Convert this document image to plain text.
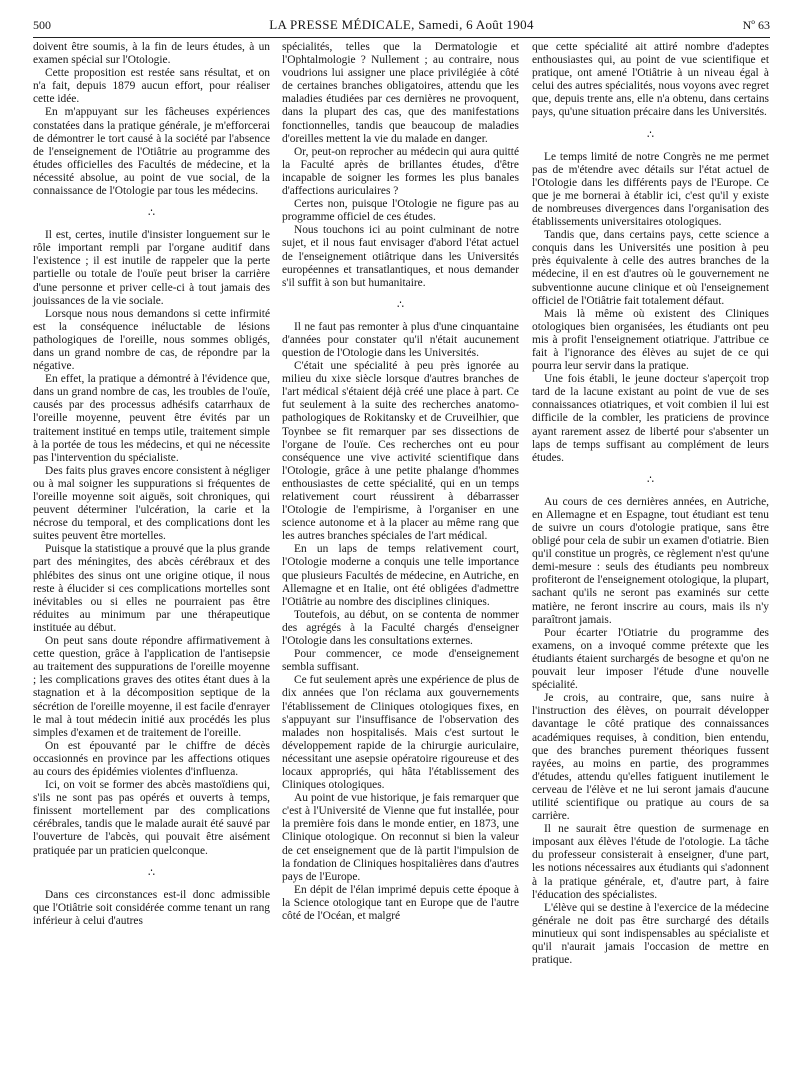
500	LA PRESSE MÉDICALE, Samedi, 6 Août 1904	Nº 63

doivent être soumis, à la fin de leurs études, à un examen spécial sur l'Otologie.

Cette proposition est restée sans résultat, et on n'a fait, depuis 1879 aucun effort, pour réaliser cette idée.

En m'appuyant sur les fâcheuses expériences constatées dans la pratique générale, je m'efforcerai de démontrer le tort causé à la société par l'absence de l'enseignement de l'Otiâtrie au programme des études officielles des Facultés de médecine, et la nécessité absolue, au point de vue social, de la connaissance de l'Otologie par tous les médecins.

∴

Il est, certes, inutile d'insister longuement sur le rôle important rempli par l'organe auditif dans l'existence ; il est inutile de rappeler que la perte partielle ou totale de l'ouïe peut briser la carrière d'une personne et priver celle-ci à tout jamais des jouissances de la vie sociale.

Lorsque nous nous demandons si cette infirmité est la conséquence inéluctable de lésions pathologiques de l'oreille, nous sommes obligés, dans un grand nombre de cas, de répondre par la négative.

En effet, la pratique a démontré à l'évidence que, dans un grand nombre de cas, les troubles de l'ouïe, causés par des processus adhésifs catarrhaux de l'oreille moyenne, peuvent être évités par un traitement institué en temps utile, traitement simple à la portée de tous les médecins, et qui ne nécessite pas l'intervention du spécialiste.

Des faits plus graves encore consistent à négliger ou à mal soigner les suppurations si fréquentes de l'oreille moyenne soit aiguës, soit chroniques, qui peuvent déterminer l'ulcération, la carie et la nécrose du temporal, et des complications dont les suites peuvent être mortelles.

Puisque la statistique a prouvé que la plus grande part des méningites, des abcès cérébraux et des phlébites des sinus ont une origine otique, il nous reste à élucider si ces complications mortelles sont inévitables ou si elles ne pourraient pas être réduites au minimum par une thérapeutique instituée au début.

On peut sans doute répondre affirmativement à cette question, grâce à l'application de l'antisepsie au traitement des suppurations de l'oreille moyenne ; les complications graves des otites étant dues à la stagnation et à la décomposition septique de la sécrétion de l'oreille moyenne, il est facile d'enrayer le mal à tout médecin initié aux procédés les plus simples d'examen et de traitement de l'oreille.

On est épouvanté par le chiffre de décès occasionnés en province par les affections otiques au cours des épidémies violentes d'influenza.

Ici, on voit se former des abcès mastoïdiens qui, s'ils ne sont pas pas opérés et ouverts à temps, finissent mortellement par des complications cérébrales, tandis que le malade aurait été sauvé par l'ouverture de l'abcès, qui pouvait être aisément pratiquée par un praticien quelconque.

∴

Dans ces circonstances est-il donc admissible que l'Otiâtrie soit considérée comme tenant un rang inférieur à celui d'autres

spécialités, telles que la Dermatologie et l'Ophtalmologie ? Nullement ; au contraire, nous voudrions lui assigner une place privilégiée à côté de certaines branches obligatoires, attendu que les maladies étudiées par ces dernières ne provoquent, dans la plupart des cas, que des manifestations fonctionnelles, tandis que beaucoup de maladies d'oreilles mettent la vie du malade en danger.

Or, peut-on reprocher au médecin qui aura quitté la Faculté après de brillantes études, d'être incapable de soigner les formes les plus banales d'affections auriculaires ?

Certes non, puisque l'Otologie ne figure pas au programme officiel de ces études.

Nous touchons ici au point culminant de notre sujet, et il nous faut envisager d'abord l'état actuel de l'enseignement otiâtrique dans les Universités européennes et transatlantiques, et nous demander s'il suffit à son but humanitaire.

∴

Il ne faut pas remonter à plus d'une cinquantaine d'années pour constater qu'il n'était aucunement question de l'Otologie dans les Universités.

C'était une spécialité à peu près ignorée au milieu du xixe siècle lorsque d'autres branches de l'art médical s'étaient déjà créé une place à part. Ce fut seulement à la suite des recherches anatomo-pathologiques de Rokitansky et de Cruveilhier, que Toynbee se fit remarquer par ses dissections de l'organe de l'ouïe. Ces recherches ont eu pour conséquence une vive activité scientifique dans l'Otologie, grâce à une petite phalange d'hommes enthousiastes de cette spécialité, qui en un temps relativement court réussirent à débarrasser l'Otologie de l'empirisme, à l'organiser en une science autonome et à la placer au même rang que les autres branches spéciales de l'art médical.

En un laps de temps relativement court, l'Otologie moderne a conquis une telle importance que plusieurs Facultés de médecine, en Autriche, en Allemagne et en Italie, ont été obligées d'admettre l'Otiâtrie au nombre des disciplines cliniques.

Toutefois, au début, on se contenta de nommer des agrégés à la Faculté chargés d'enseigner l'Otologie dans les consultations externes.

Pour commencer, ce mode d'enseignement sembla suffisant.

Ce fut seulement après une expérience de plus de dix années que l'on réclama aux gouvernements l'établissement de Cliniques otologiques fixes, en s'appuyant sur l'insuffisance de l'observation des malades non hospitalisés. Mais c'est surtout le développement rapide de la chirurgie auriculaire, nécessitant une asepsie opératoire rigoureuse et des locaux appropriés, qui hâta l'établissement des Cliniques otologiques.

Au point de vue historique, je fais remarquer que c'est à l'Université de Vienne que fut installée, pour la première fois dans le monde entier, en 1873, une Clinique otologique. On reconnut si bien la valeur de cet enseignement que de là partit l'impulsion de la fondation de Cliniques hospitalières dans d'autres pays de l'Europe.

En dépit de l'élan imprimé depuis cette époque à la Science otologique tant en Europe que de l'autre côté de l'Océan, et malgré

que cette spécialité ait attiré nombre d'adeptes enthousiastes qui, au point de vue scientifique et pratique, ont amené l'Otiâtrie à un niveau égal à celui des autres spécialités, nous voyons avec regret que, depuis trente ans, elle n'a obtenu, dans certains pays, qu'une situation précaire dans les Universités.

∴

Le temps limité de notre Congrès ne me permet pas de m'étendre avec détails sur l'état actuel de l'Otologie dans les différents pays de l'Europe. Ce que je me bornerai à établir ici, c'est qu'il y existe de nombreuses divergences dans l'organisation des établissements universitaires otologiques.

Tandis que, dans certains pays, cette science a conquis dans les Universités une position à peu près équivalente à celle des autres branches de la médecine, il en est d'autres où le gouvernement ne subventionne aucune clinique et où l'enseignement officiel de l'Otiâtrie fait totalement défaut.

Mais là même où existent des Cliniques otologiques bien organisées, les étudiants ont peu mis à profit l'enseignement otiatrique. J'attribue ce fait à l'ignorance des élèves au sujet de ce qui pourra leur servir dans la pratique.

Une fois établi, le jeune docteur s'aperçoit trop tard de la lacune existant au point de vue de ses connaissances otiatriques, et voit combien il lui est difficile de la combler, les praticiens de province ayant rarement assez de liberté pour s'absenter un laps de temps suffisant au complément de leurs études.

∴

Au cours de ces dernières années, en Autriche, en Allemagne et en Espagne, tout étudiant est tenu de suivre un cours d'otologie pratique, sans être obligé pour cela de subir un examen d'otiatrie. Bien qu'il constitue un progrès, ce règlement n'est qu'une demi-mesure : seuls des étudiants peu nombreux profiteront de l'enseignement otologique, la plupart, sachant qu'ils ne seront pas examinés sur cette matière, ne feront inscrire au cours, mais ils n'y paraîtront jamais.

Pour écarter l'Otiatrie du programme des examens, on a invoqué comme prétexte que les étudiants étaient surchargés de besogne et qu'on ne pouvait leur imposer l'étude d'une nouvelle spécialité.

Je crois, au contraire, que, sans nuire à l'instruction des élèves, on pourrait développer davantage le côté pratique des connaissances académiques requises, à condition, bien entendu, que des branches purement théoriques fussent rayées, au moins en partie, des programmes d'études, attendu qu'elles fatiguent inutilement le cerveau de l'élève et ne lui seront jamais d'aucune utilité scientifique ou pratique au cours de sa carrière.

Il ne saurait être question de surmenage en imposant aux élèves l'étude de l'otologie. La tâche du professeur consisterait à enseigner, d'une part, les notions nécessaires aux étudiants qui s'adonnent à la pratique générale, et, d'autre part, à faire l'éducation des spécialistes.

L'élève qui se destine à l'exercice de la médecine générale ne doit pas être surchargé des détails minutieux qui sont indispensables au spécialiste et qu'il n'aurait jamais l'occasion de mettre en pratique.
